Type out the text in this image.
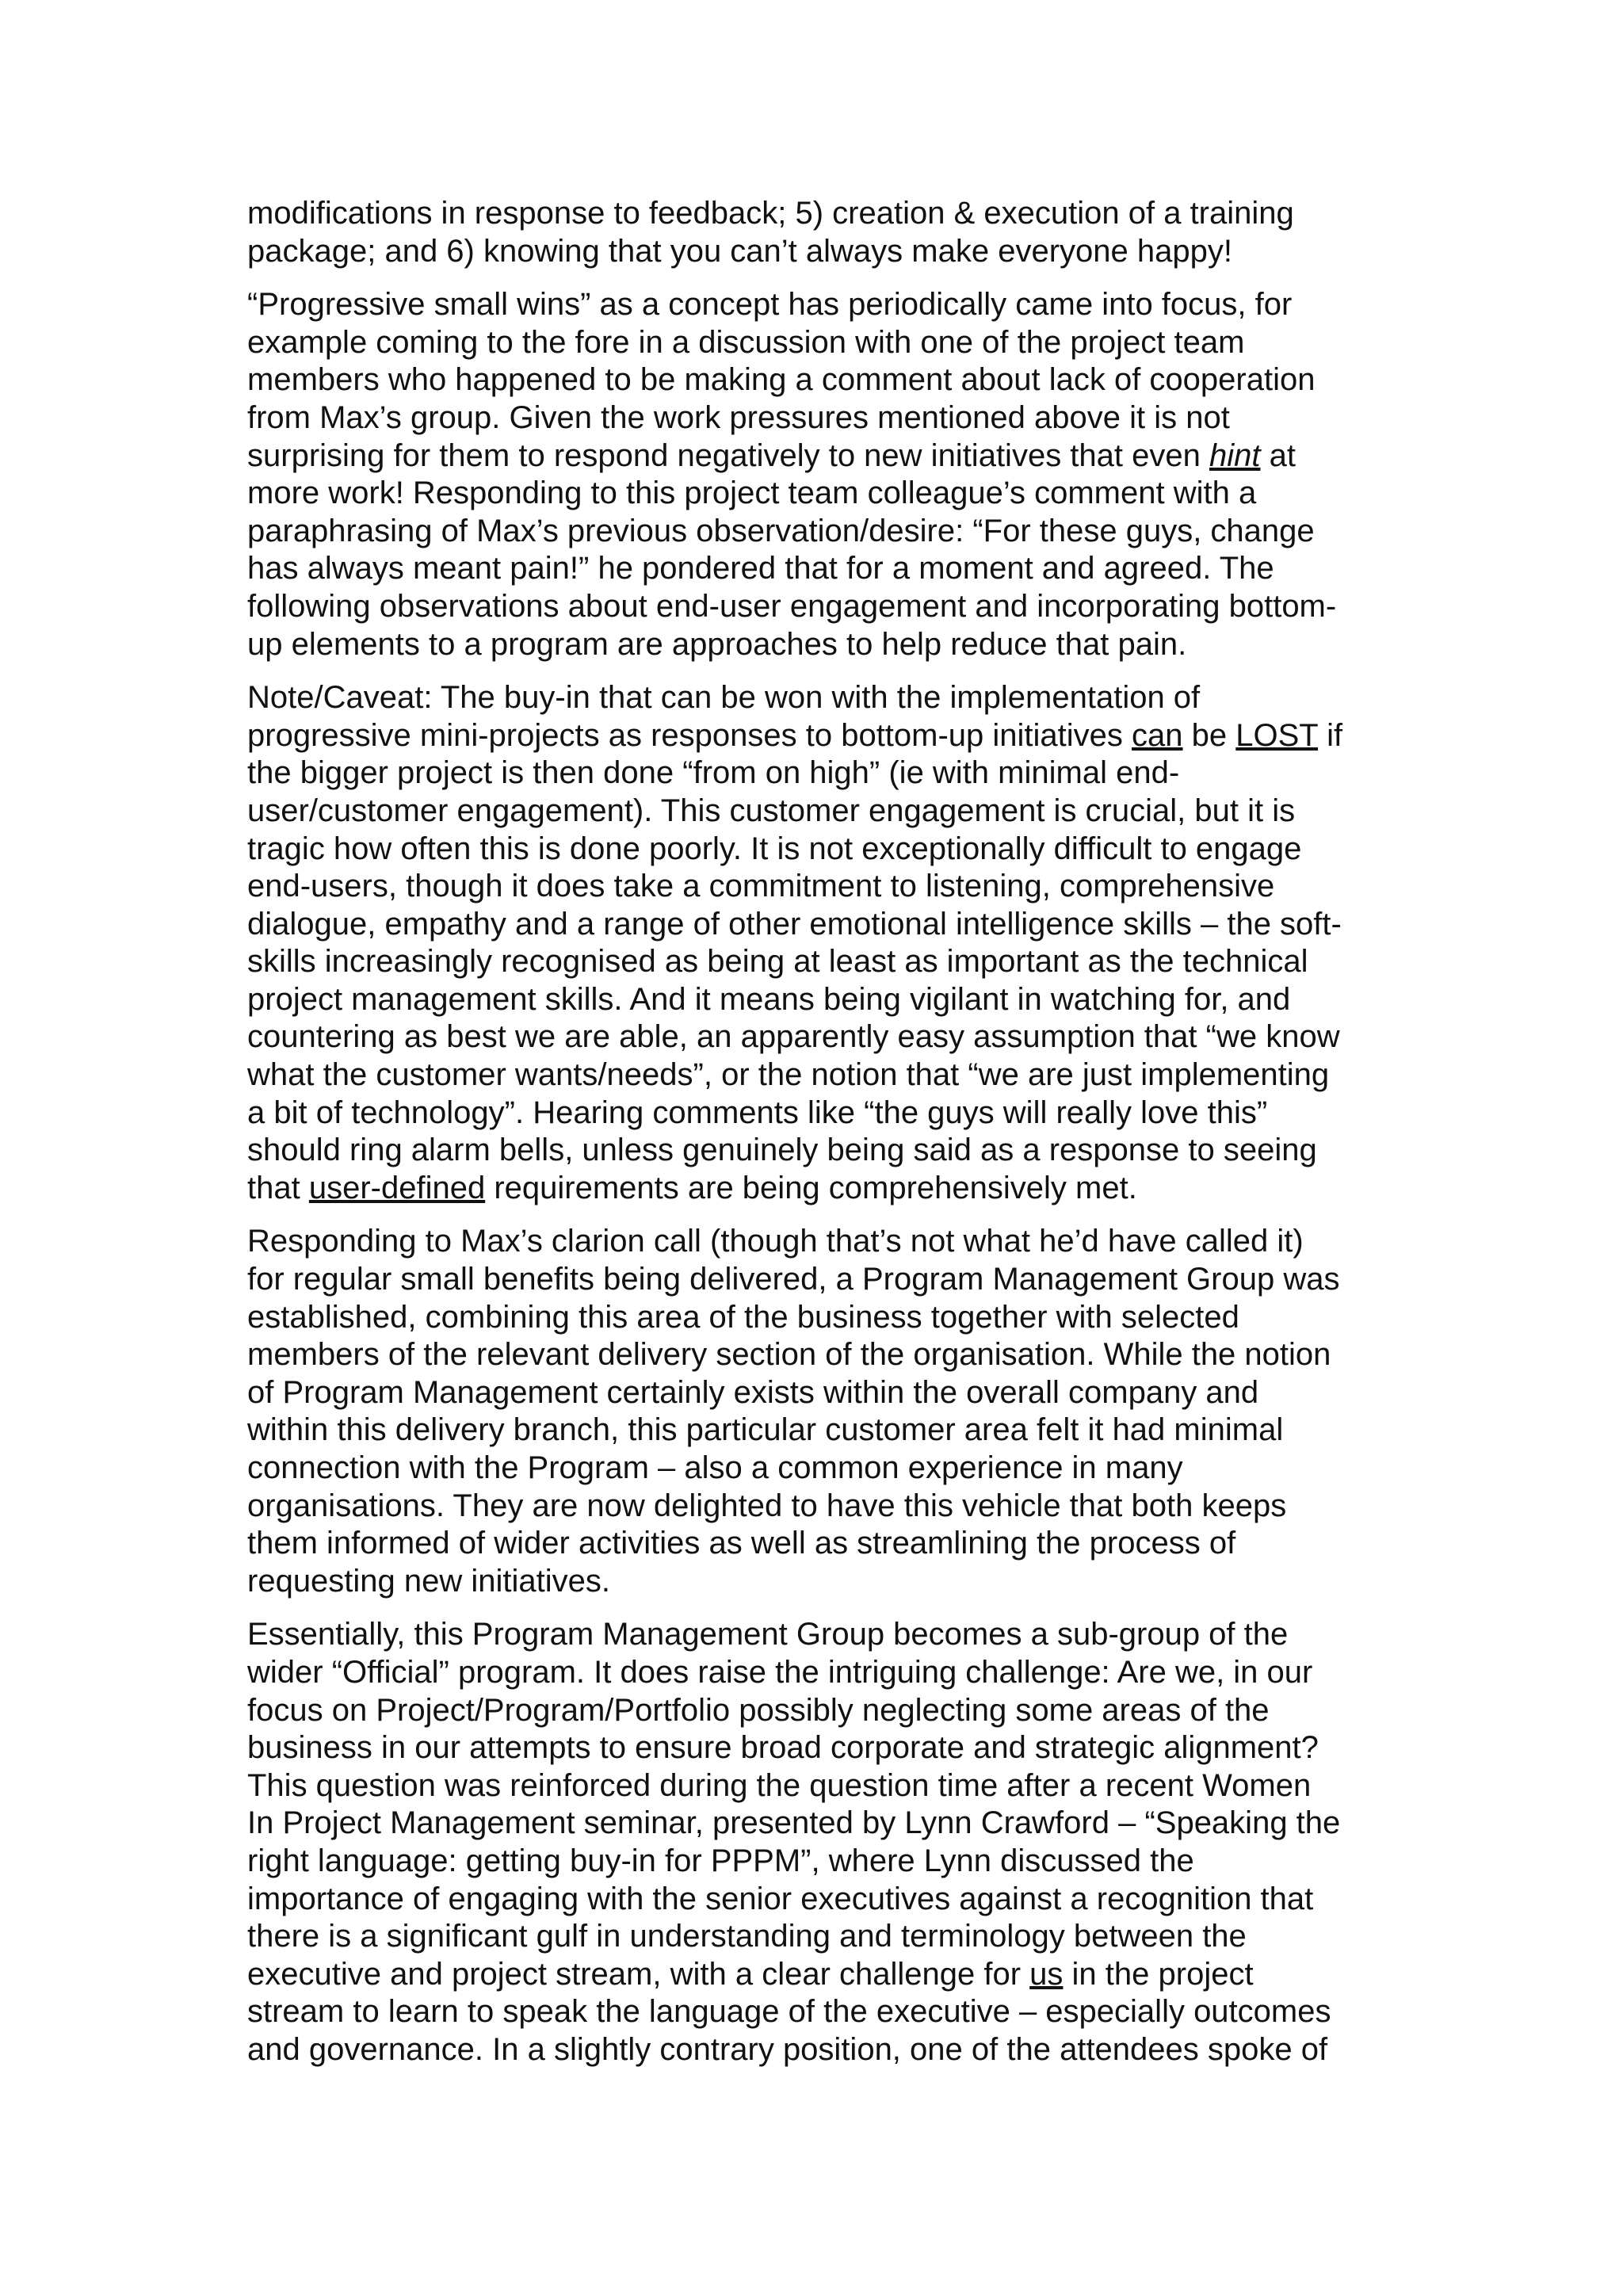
modifications in response to feedback; 5) creation & execution of a training
package; and 6) knowing that you can’t always make everyone happy!

“Progressive small wins” as a concept has periodically came into focus, for
example coming to the fore in a discussion with one of the project team
members who happened to be making a comment about lack of cooperation
from Max’s group. Given the work pressures mentioned above it is not
surprising for them to respond negatively to new initiatives that even hint at
more work! Responding to this project team colleague’s comment with a
paraphrasing of Max’s previous observation/desire: “For these guys, change
has always meant pain!” he pondered that for a moment and agreed. The
following observations about end-user engagement and incorporating bottom-
up elements to a program are approaches to help reduce that pain.

Note/Caveat: The buy-in that can be won with the implementation of
progressive mini-projects as responses to bottom-up initiatives can be LOST if
the bigger project is then done “from on high” (ie with minimal end-
user/customer engagement). This customer engagement is crucial, but it is
tragic how often this is done poorly. It is not exceptionally difficult to engage
end-users, though it does take a commitment to listening, comprehensive
dialogue, empathy and a range of other emotional intelligence skills – the soft-
skills increasingly recognised as being at least as important as the technical
project management skills. And it means being vigilant in watching for, and
countering as best we are able, an apparently easy assumption that “we know
what the customer wants/needs”, or the notion that “we are just implementing
a bit of technology”. Hearing comments like “the guys will really love this”
should ring alarm bells, unless genuinely being said as a response to seeing
that user-defined requirements are being comprehensively met.

Responding to Max’s clarion call (though that’s not what he’d have called it)
for regular small benefits being delivered, a Program Management Group was
established, combining this area of the business together with selected
members of the relevant delivery section of the organisation. While the notion
of Program Management certainly exists within the overall company and
within this delivery branch, this particular customer area felt it had minimal
connection with the Program – also a common experience in many
organisations. They are now delighted to have this vehicle that both keeps
them informed of wider activities as well as streamlining the process of
requesting new initiatives.

Essentially, this Program Management Group becomes a sub-group of the
wider “Official” program. It does raise the intriguing challenge: Are we, in our
focus on Project/Program/Portfolio possibly neglecting some areas of the
business in our attempts to ensure broad corporate and strategic alignment?
This question was reinforced during the question time after a recent Women
In Project Management seminar, presented by Lynn Crawford – “Speaking the
right language: getting buy-in for PPPM”, where Lynn discussed the
importance of engaging with the senior executives against a recognition that
there is a significant gulf in understanding and terminology between the
executive and project stream, with a clear challenge for us in the project
stream to learn to speak the language of the executive – especially outcomes
and governance. In a slightly contrary position, one of the attendees spoke of
